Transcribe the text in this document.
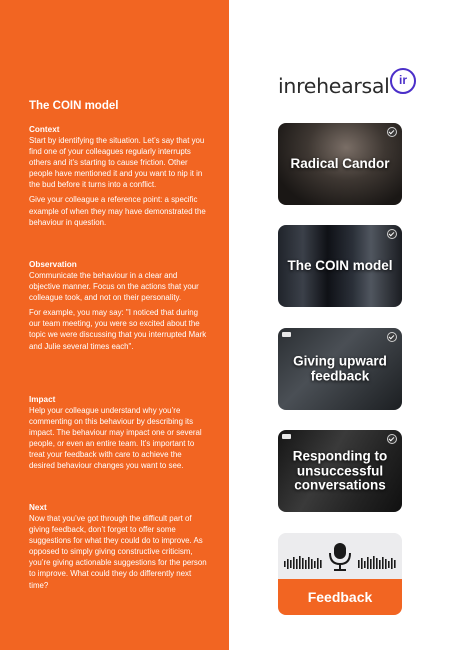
The COIN model
Context

Start by identifying the situation. Let’s say that you find one of your colleagues regularly interrupts others and it’s starting to cause friction. Other people have mentioned it and you want to nip it in the bud before it turns into a conflict.

Give your colleague a reference point: a specific example of when they may have demonstrated the behaviour in question.

Observation

Communicate the behaviour in a clear and objective manner. Focus on the actions that your colleague took, and not on their personality.

For example, you may say: "I noticed that during our team meeting, you were so excited about the topic we were discussing that you interrupted Mark and Julie several times each".

Impact

Help your colleague understand why you’re commenting on this behaviour by describing its impact. The behaviour may impact one or several people, or even an entire team. It’s important to treat your feedback with care to achieve the desired behaviour changes you want to see.

Next

Now that you’ve got through the difficult part of giving feedback, don’t forget to offer some suggestions for what they could do to improve. As opposed to simply giving constructive criticism, you’re giving actionable suggestions for the person to improve. What could they do differently next time?

inrehearsal ir
Radical Candor
The COIN model
Giving upward feedback
Responding to unsuccessful conversations
Feedback
